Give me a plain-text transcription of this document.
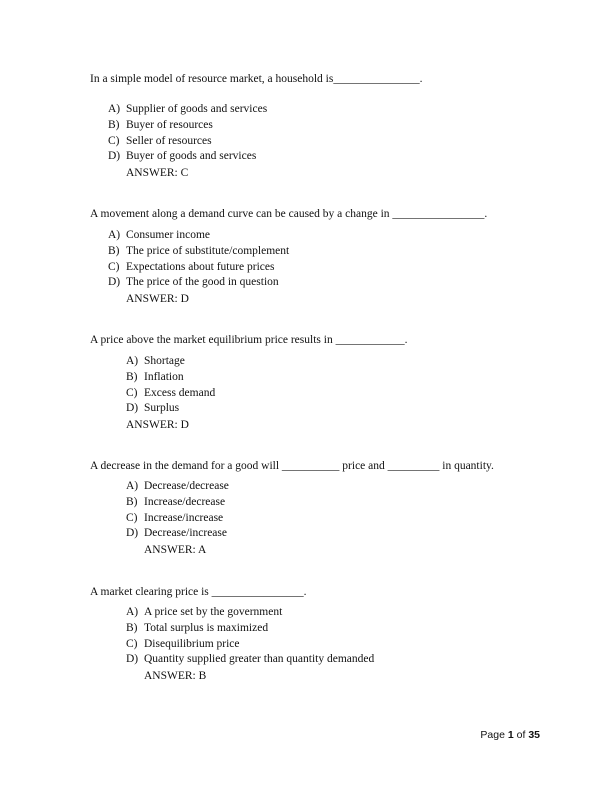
In a simple model of resource market, a household is_______________.
A) Supplier of goods and services
B) Buyer of resources
C) Seller of resources
D) Buyer of goods and services
ANSWER: C
A movement along a demand curve can be caused by a change in ________________.
A) Consumer income
B) The price of substitute/complement
C) Expectations about future prices
D) The price of the good in question
ANSWER: D
A price above the market equilibrium price results in ____________.
A) Shortage
B) Inflation
C) Excess demand
D) Surplus
ANSWER: D
A decrease in the demand for a good will __________ price and _________ in quantity.
A) Decrease/decrease
B) Increase/decrease
C) Increase/increase
D) Decrease/increase
ANSWER: A
A market clearing price is ________________.
A) A price set by the government
B) Total surplus is maximized
C) Disequilibrium price
D) Quantity supplied greater than quantity demanded
ANSWER: B
Page 1 of 35
